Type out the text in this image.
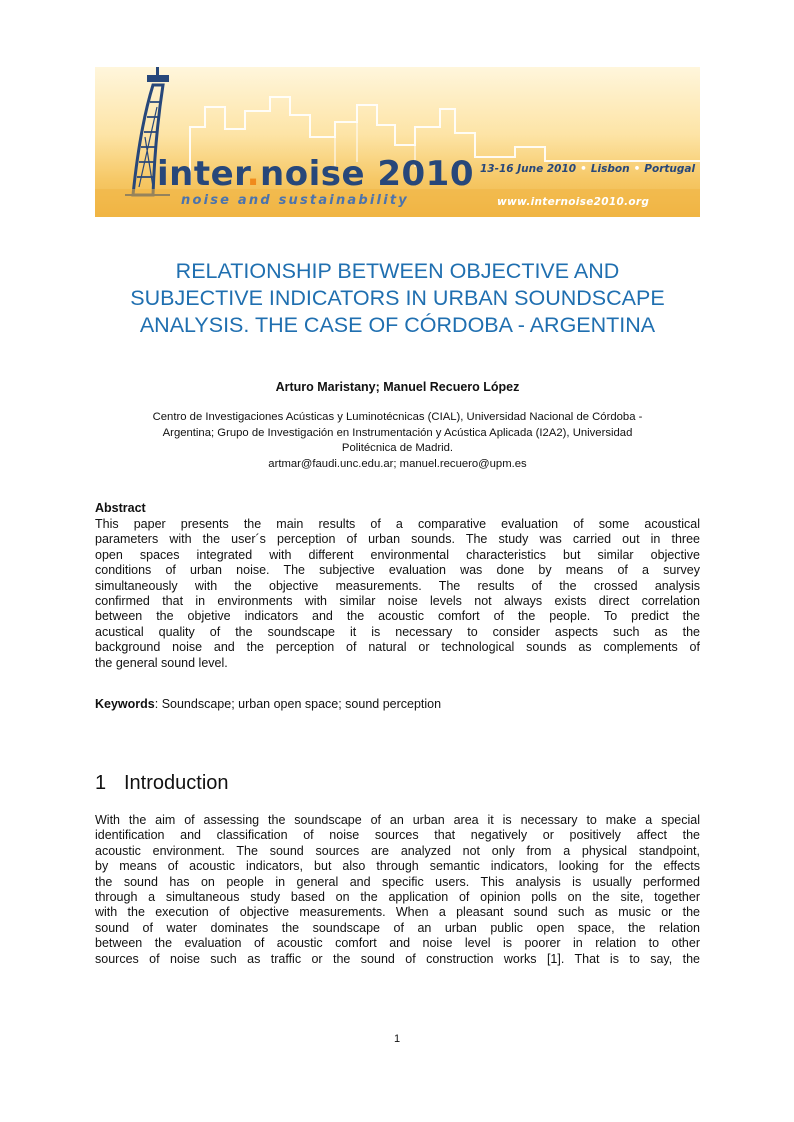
inter.noise 2010
noise and sustainability
13-16 June 2010 • Lisbon • Portugal
www.internoise2010.org
RELATIONSHIP BETWEEN OBJECTIVE AND
SUBJECTIVE INDICATORS IN URBAN SOUNDSCAPE
ANALYSIS. THE CASE OF CÓRDOBA - ARGENTINA
Arturo Maristany; Manuel Recuero López
Centro de Investigaciones Acústicas y Luminotécnicas (CIAL), Universidad Nacional de Córdoba -
Argentina; Grupo de Investigación en Instrumentación y Acústica Aplicada (I2A2), Universidad
Politécnica de Madrid.
artmar@faudi.unc.edu.ar; manuel.recuero@upm.es
Abstract
This paper presents the main results of a comparative evaluation of some acoustical
parameters with the user´s perception of urban sounds. The study was carried out in three
open spaces integrated with different environmental characteristics but similar objective
conditions of urban noise. The subjective evaluation was done by means of a survey
simultaneously with the objective measurements. The results of the crossed analysis
confirmed that in environments with similar noise levels not always exists direct correlation
between the objetive indicators and the acoustic comfort of the people. To predict the
acustical quality of the soundscape it is necessary to consider aspects such as the
background noise and the perception of natural or technological sounds as complements of
the general sound level.
Keywords: Soundscape; urban open space; sound perception
1 Introduction
With the aim of assessing the soundscape of an urban area it is necessary to make a special
identification and classification of noise sources that negatively or positively affect the
acoustic environment. The sound sources are analyzed not only from a physical standpoint,
by means of acoustic indicators, but also through semantic indicators, looking for the effects
the sound has on people in general and specific users. This analysis is usually performed
through a simultaneous study based on the application of opinion polls on the site, together
with the execution of objective measurements. When a pleasant sound such as music or the
sound of water dominates the soundscape of an urban public open space, the relation
between the evaluation of acoustic comfort and noise level is poorer in relation to other
sources of noise such as traffic or the sound of construction works [1]. That is to say, the
1
